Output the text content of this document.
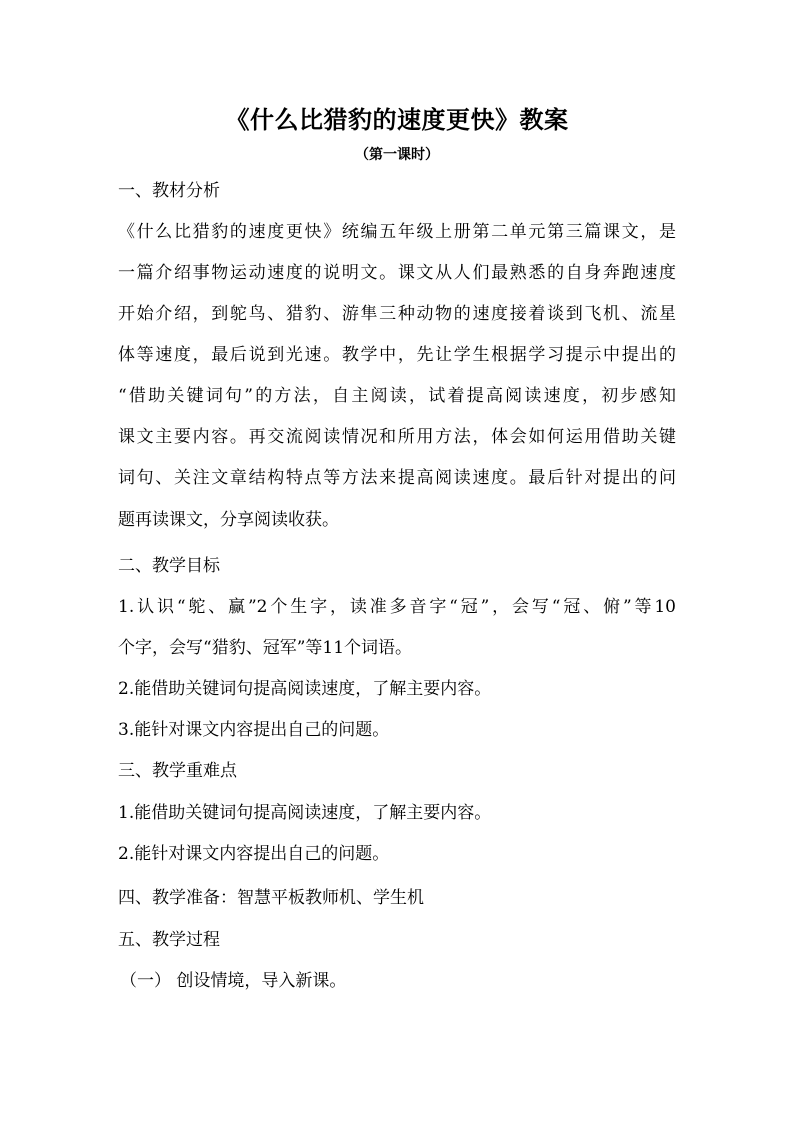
《什么比猎豹的速度更快》教案
（第一课时）
一、教材分析
《什么比猎豹的速度更快》统编五年级上册第二单元第三篇课文，是
一篇介绍事物运动速度的说明文。课文从人们最熟悉的自身奔跑速度
开始介绍，到鸵鸟、猎豹、游隼三种动物的速度接着谈到飞机、流星
体等速度，最后说到光速。教学中，先让学生根据学习提示中提出的
“借助关键词句”的方法，自主阅读，试着提高阅读速度，初步感知
课文主要内容。再交流阅读情况和所用方法，体会如何运用借助关键
词句、关注文章结构特点等方法来提高阅读速度。最后针对提出的问
题再读课文，分享阅读收获。
二、教学目标
1.认识“鸵、赢”2个生字，读准多音字“冠”，会写“冠、俯”等10
个字，会写“猎豹、冠军”等11个词语。
2.能借助关键词句提高阅读速度，了解主要内容。
3.能针对课文内容提出自己的问题。
三、教学重难点
1.能借助关键词句提高阅读速度，了解主要内容。
2.能针对课文内容提出自己的问题。
四、教学准备：智慧平板教师机、学生机
五、教学过程
（一） 创设情境，导入新课。
